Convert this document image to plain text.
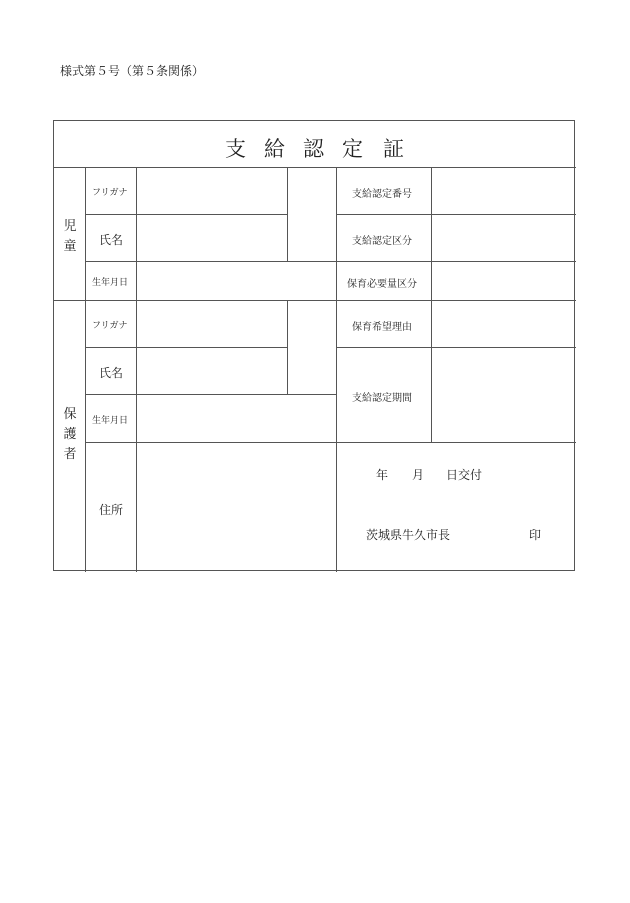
様式第５号（第５条関係）
支 給 認 定 証
児
童
フリガナ
氏名
生年月日
保
護
者
フリガナ
氏名
生年月日
住所
支給認定番号
支給認定区分
保育必要量区分
保育希望理由
支給認定期間
年 月 日交付
茨城県牛久市長	印
